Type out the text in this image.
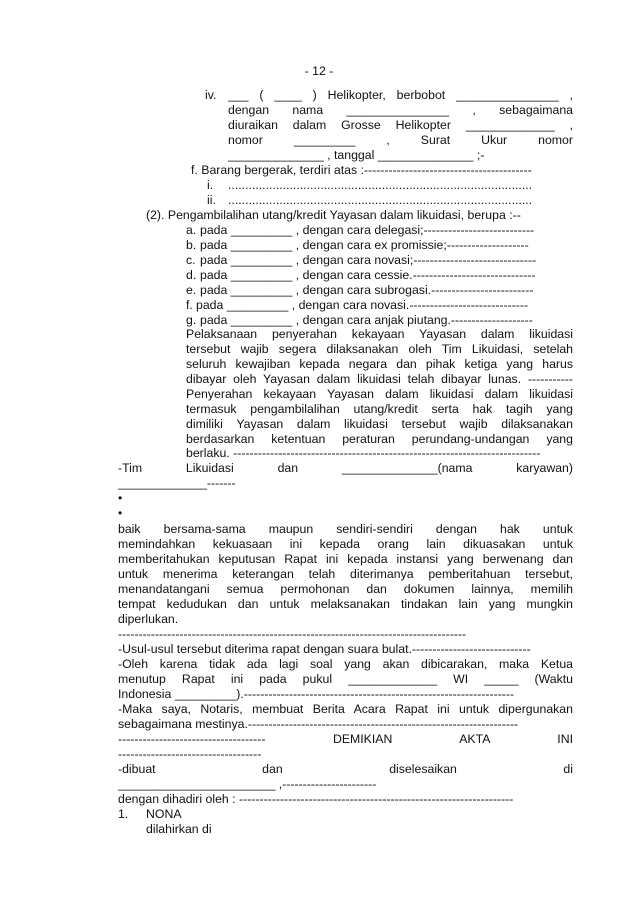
- 12 -
iv. ___ ( ____ ) Helikopter, berbobot _______________ ,
dengan nama _______________ , sebagaimana
diuraikan dalam Grosse Helikopter _____________ ,
nomor _________ , Surat Ukur nomor
______________ , tanggal ______________ ;-
f. Barang bergerak, terdiri atas :-----------------------------------------
i. .........................................................................................
ii. .........................................................................................
(2). Pengambilalihan utang/kredit Yayasan dalam likuidasi, berupa :--
a. pada _________ , dengan cara delegasi;---------------------------
b. pada _________ , dengan cara ex promissie;--------------------
c. pada _________ , dengan cara novasi;------------------------------
d. pada _________ , dengan cara cessie.------------------------------
e. pada _________ , dengan cara subrogasi.-------------------------
f. pada _________ , dengan cara novasi.-----------------------------
g. pada _________ , dengan cara anjak piutang.--------------------
Pelaksanaan penyerahan kekayaan Yayasan dalam likuidasi
tersebut wajib segera dilaksanakan oleh Tim Likuidasi, setelah
seluruh kewajiban kepada negara dan pihak ketiga yang harus
dibayar oleh Yayasan dalam likuidasi telah dibayar lunas. -----------
Penyerahan kekayaan Yayasan dalam likuidasi dalam likuidasi
termasuk pengambilalihan utang/kredit serta hak tagih yang
dimiliki Yayasan dalam likuidasi tersebut wajib dilaksanakan
berdasarkan ketentuan peraturan perundang-undangan yang
berlaku. ---------------------------------------------------------------------------
-Tim Likuidasi dan ______________(nama karyawan)
_____________-------
•
•
baik bersama-sama maupun sendiri-sendiri dengan hak untuk
memindahkan kekuasaan ini kepada orang lain dikuasakan untuk
memberitahukan keputusan Rapat ini kepada instansi yang berwenang dan
untuk menerima keterangan telah diterimanya pemberitahuan tersebut,
menandatangani semua permohonan dan dokumen lainnya, memilih
tempat kedudukan dan untuk melaksanakan tindakan lain yang mungkin
diperlukan.
-------------------------------------------------------------------------------------
-Usul-usul tersebut diterima rapat dengan suara bulat.-----------------------------
-Oleh karena tidak ada lagi soal yang akan dibicarakan, maka Ketua
menutup Rapat ini pada pukul _____________ WI _____ (Waktu
Indonesia _________).------------------------------------------------------------------
-Maka saya, Notaris, membuat Berita Acara Rapat ini untuk dipergunakan
sebagaimana mestinya.------------------------------------------------------------------
------------------------------------ DEMIKIAN AKTA INI
-----------------------------------
-dibuat dan diselesaikan di
_______________________ ,-----------------------
dengan dihadiri oleh : -------------------------------------------------------------------
1. NONA
dilahirkan di
